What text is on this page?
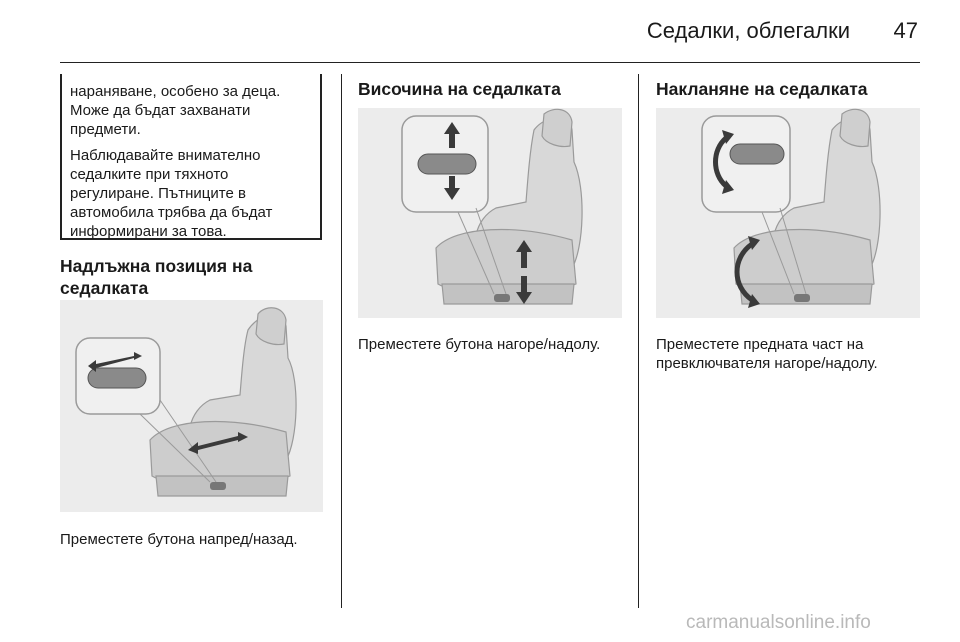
Седалки, облегалки	47

нараняване, особено за деца. Може да бъдат захванати предмети.

Наблюдавайте внимателно седалките при тяхното регулиране. Пътниците в автомобила трябва да бъдат информирани за това.

Надлъжна позиция на седалката
Преместете бутона напред/назад.
Височина на седалката
Преместете бутона нагоре/надолу.
Накланяне на седалката
Преместете предната част на превключвателя нагоре/надолу.
carmanualsonline.info
